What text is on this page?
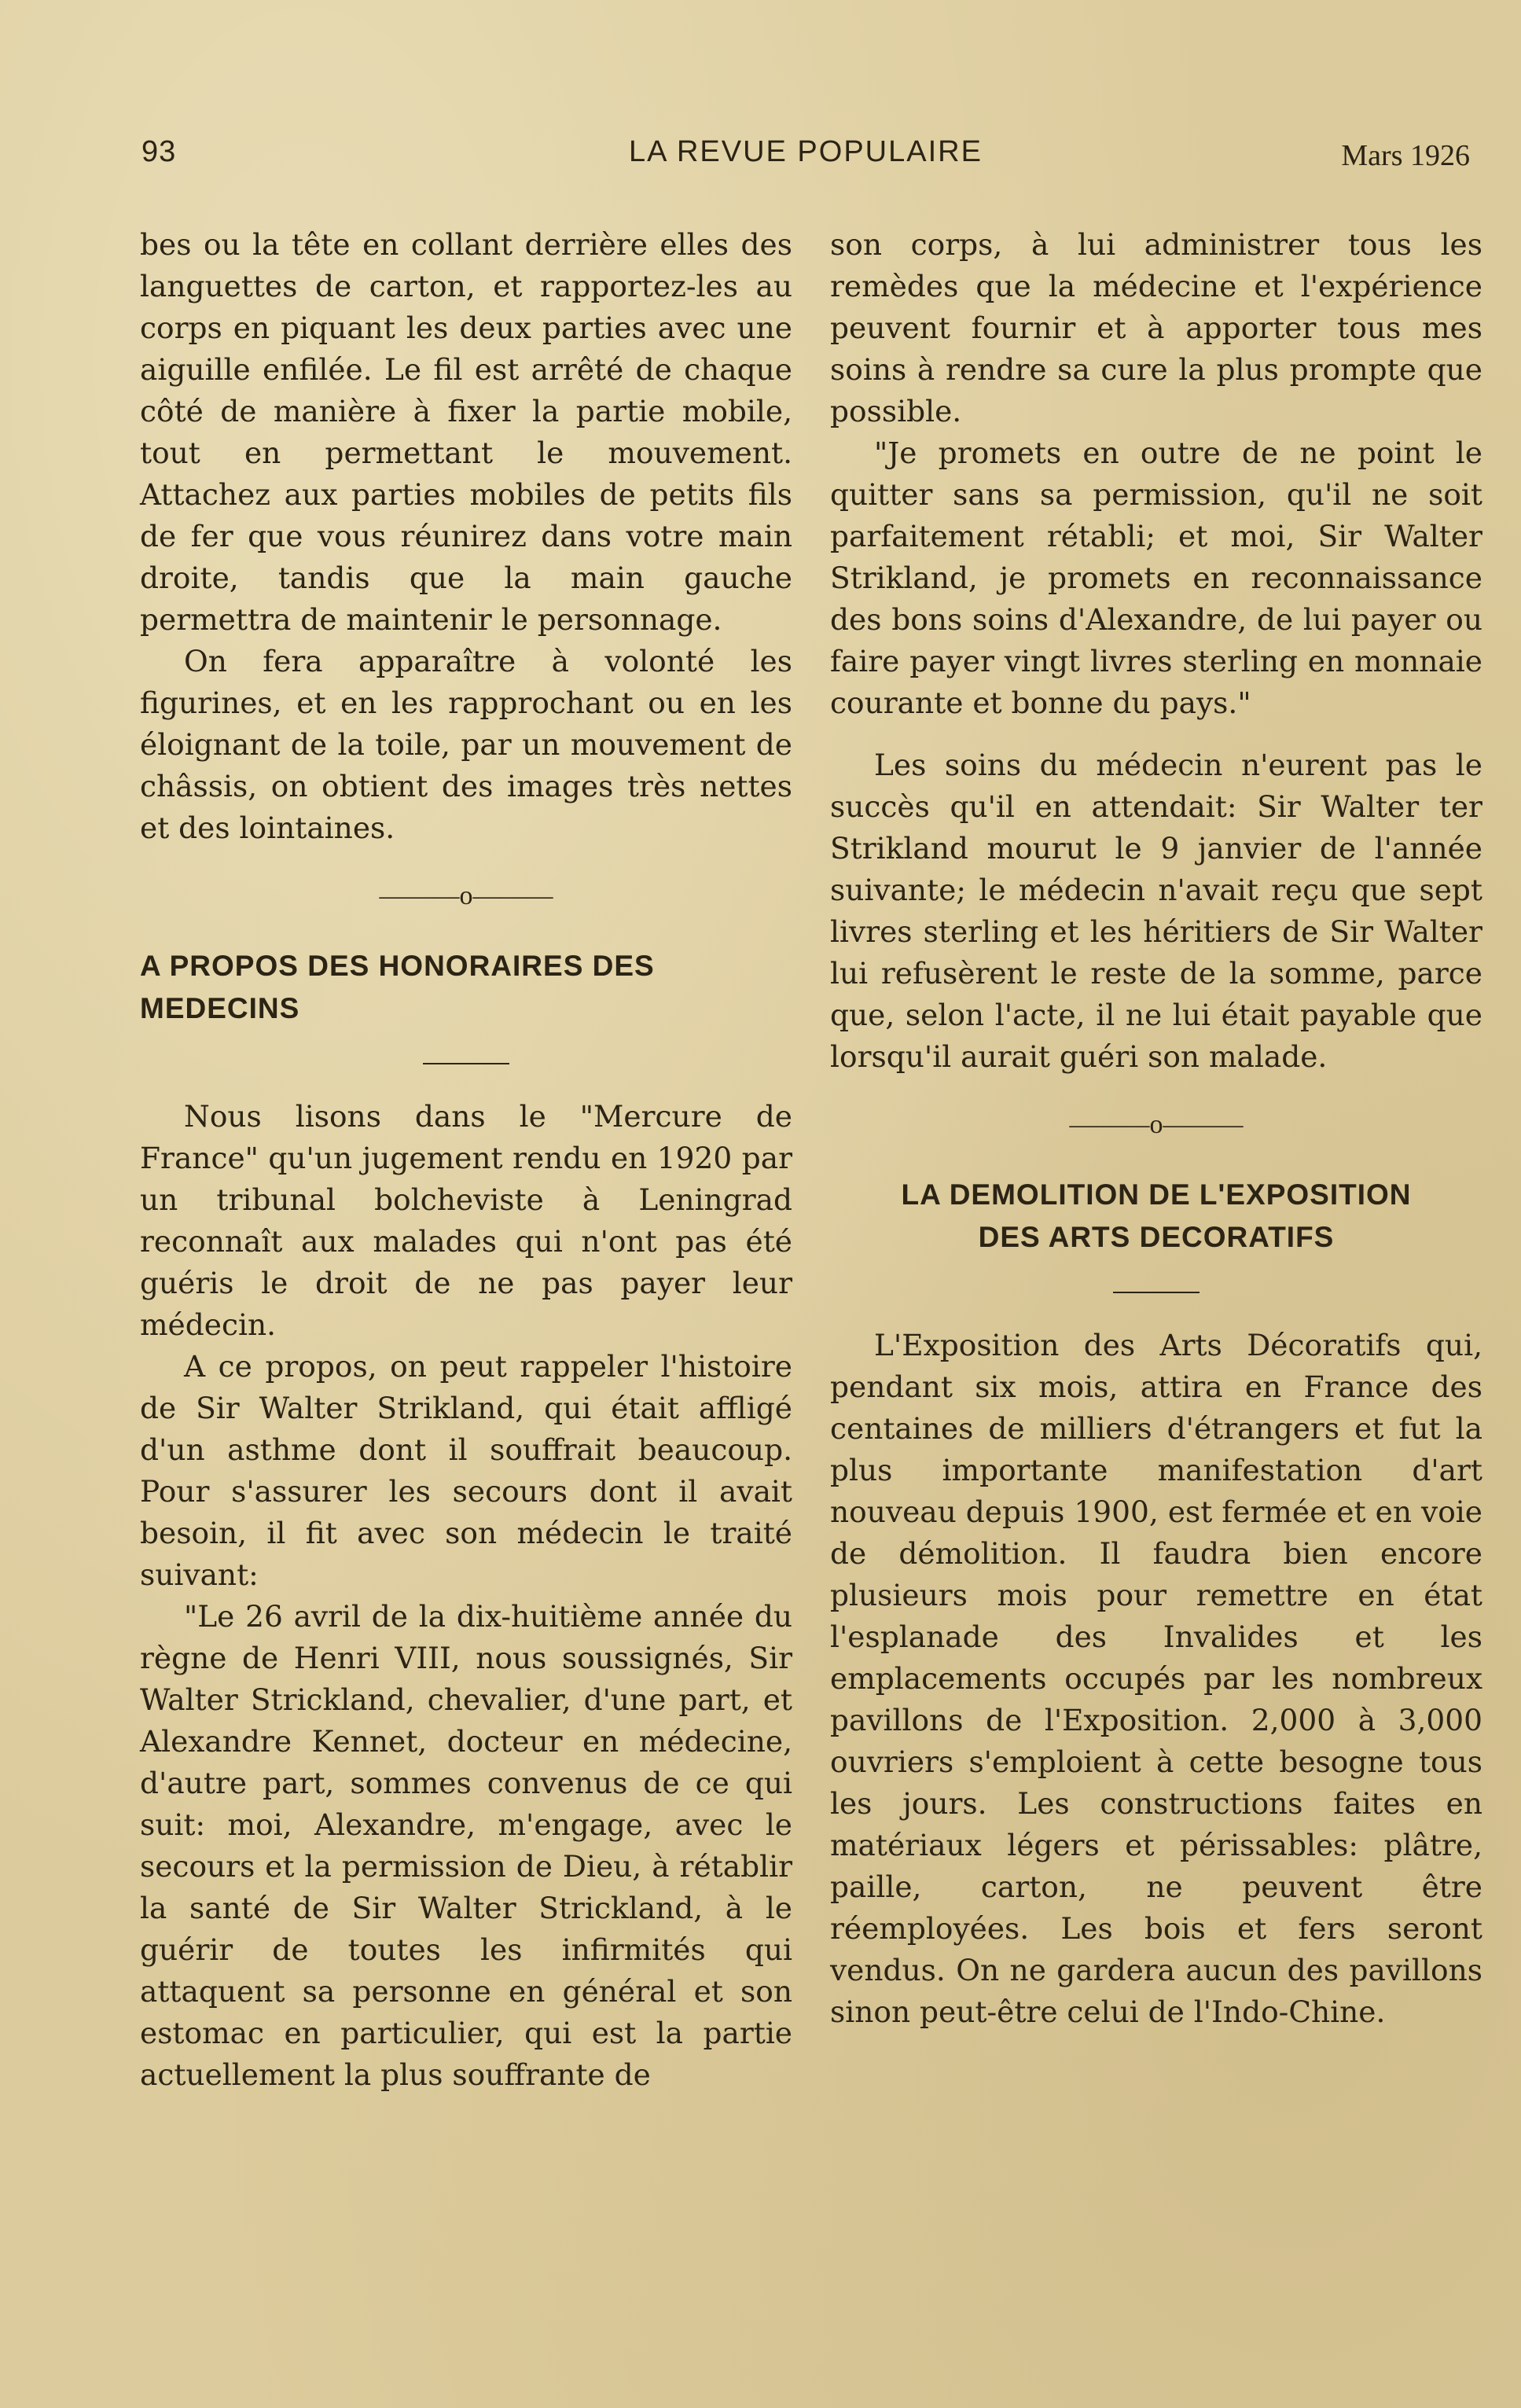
93	LA REVUE POPULAIRE	Mars 1926

bes ou la tête en collant derrière elles des languettes de carton, et rapportez-les au corps en piquant les deux parties avec une aiguille enfilée. Le fil est arrêté de chaque côté de manière à fixer la partie mobile, tout en permettant le mouvement. Attachez aux parties mobiles de petits fils de fer que vous réunirez dans votre main droite, tandis que la main gauche permettra de maintenir le personnage.

On fera apparaître à volonté les figurines, et en les rapprochant ou en les éloignant de la toile, par un mouvement de châssis, on obtient des images très nettes et des lointaines.

———o———
A PROPOS DES HONORAIRES DES MEDECINS

Nous lisons dans le "Mercure de France" qu'un jugement rendu en 1920 par un tribunal bolcheviste à Leningrad reconnaît aux malades qui n'ont pas été guéris le droit de ne pas payer leur médecin.

A ce propos, on peut rappeler l'histoire de Sir Walter Strikland, qui était affligé d'un asthme dont il souffrait beaucoup. Pour s'assurer les secours dont il avait besoin, il fit avec son médecin le traité suivant:

"Le 26 avril de la dix-huitième année du règne de Henri VIII, nous soussignés, Sir Walter Strickland, chevalier, d'une part, et Alexandre Kennet, docteur en médecine, d'autre part, sommes convenus de ce qui suit: moi, Alexandre, m'engage, avec le secours et la permission de Dieu, à rétablir la santé de Sir Walter Strickland, à le guérir de toutes les infirmités qui attaquent sa personne en général et son estomac en particulier, qui est la partie actuellement la plus souffrante de

son corps, à lui administrer tous les remèdes que la médecine et l'expérience peuvent fournir et à apporter tous mes soins à rendre sa cure la plus prompte que possible.

"Je promets en outre de ne point le quitter sans sa permission, qu'il ne soit parfaitement rétabli; et moi, Sir Walter Strikland, je promets en reconnaissance des bons soins d'Alexandre, de lui payer ou faire payer vingt livres sterling en monnaie courante et bonne du pays."

Les soins du médecin n'eurent pas le succès qu'il en attendait: Sir Walter ter Strikland mourut le 9 janvier de l'année suivante; le médecin n'avait reçu que sept livres sterling et les héritiers de Sir Walter lui refusèrent le reste de la somme, parce que, selon l'acte, il ne lui était payable que lorsqu'il aurait guéri son malade.

———o———
LA DEMOLITION DE L'EXPOSITION
DES ARTS DECORATIFS

L'Exposition des Arts Décoratifs qui, pendant six mois, attira en France des centaines de milliers d'étrangers et fut la plus importante manifestation d'art nouveau depuis 1900, est fermée et en voie de démolition. Il faudra bien encore plusieurs mois pour remettre en état l'esplanade des Invalides et les emplacements occupés par les nombreux pavillons de l'Exposition. 2,000 à 3,000 ouvriers s'emploient à cette besogne tous les jours. Les constructions faites en matériaux légers et périssables: plâtre, paille, carton, ne peuvent être réemployées. Les bois et fers seront vendus. On ne gardera aucun des pavillons sinon peut-être celui de l'Indo-Chine.
